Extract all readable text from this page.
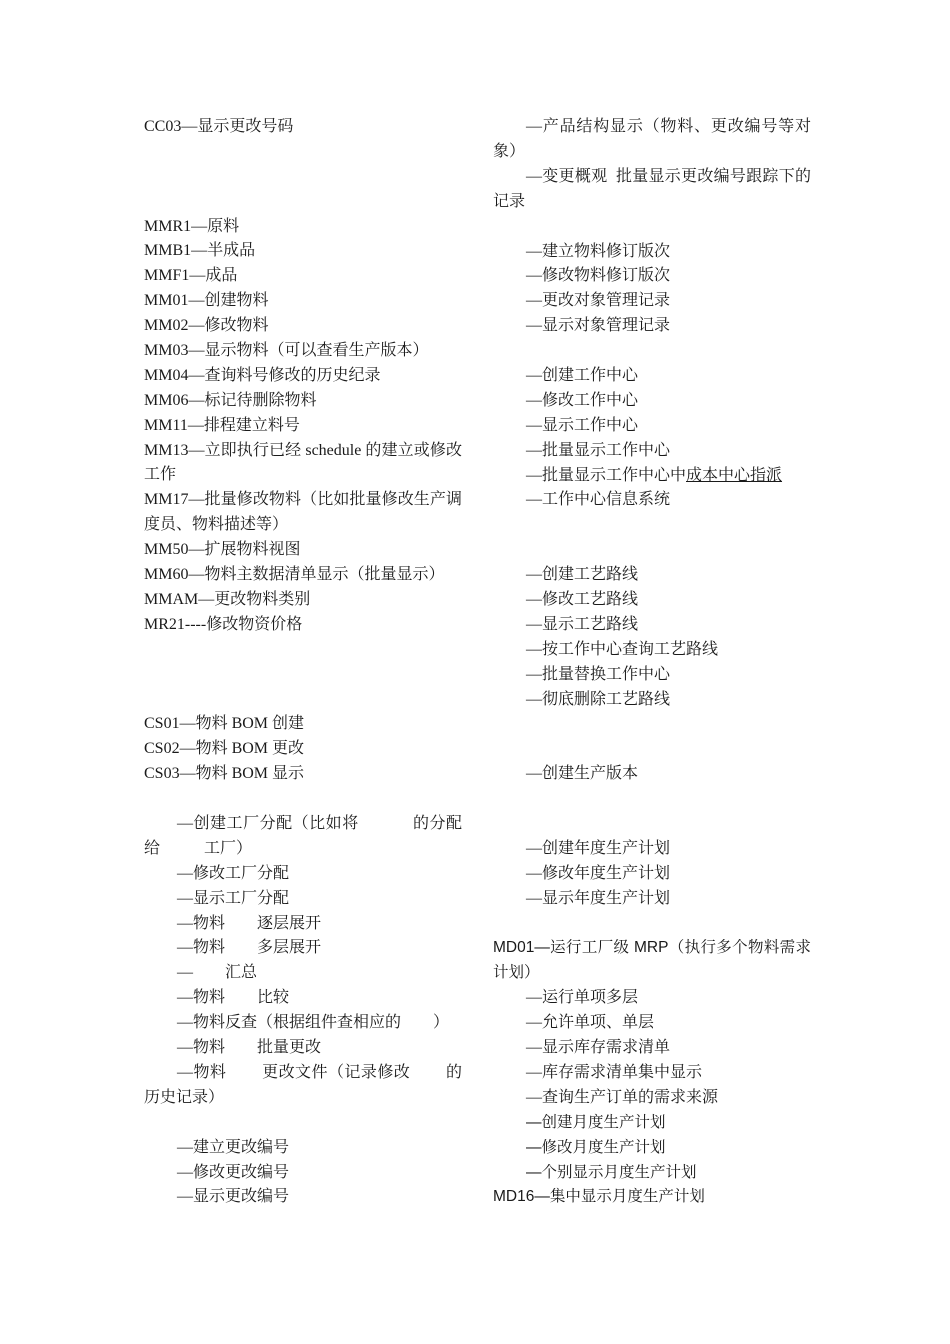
CC03—显示更改号码
MMR1—原料
MMB1—半成品
MMF1—成品
MM01—创建物料
MM02—修改物料
MM03—显示物料（可以查看生产版本）
MM04—查询料号修改的历史纪录
MM06—标记待删除物料
MM11—排程建立料号
MM13—立即执行已经 schedule 的建立或修改工作
MM17—批量修改物料（比如批量修改生产调度员、物料描述等）
MM50—扩展物料视图
MM60—物料主数据清单显示（批量显示）
MMAM—更改物料类别
MR21----修改物资价格
CS01—物料 BOM 创建
CS02—物料 BOM 更改
CS03—物料 BOM 显示
—创建工厂分配（比如将            的分配给           工厂）
—修改工厂分配
—显示工厂分配
—物料        逐层展开
—物料        多层展开
—        汇总
—物料        比较
—物料反查（根据组件查相应的        ）
—物料        批量更改
—物料        更改文件（记录修改        的历史记录）
—建立更改编号
—修改更改编号
—显示更改编号
—产品结构显示（物料、更改编号等对象）
—变更概观  批量显示更改编号跟踪下的记录
—建立物料修订版次
—修改物料修订版次
—更改对象管理记录
—显示对象管理记录
—创建工作中心
—修改工作中心
—显示工作中心
—批量显示工作中心
—批量显示工作中心中成本中心指派
—工作中心信息系统
—创建工艺路线
—修改工艺路线
—显示工艺路线
—按工作中心查询工艺路线
—批量替换工作中心
—彻底删除工艺路线
—创建生产版本
—创建年度生产计划
—修改年度生产计划
—显示年度生产计划
MD01—运行工厂级 MRP（执行多个物料需求计划）
—运行单项多层
—允许单项、单层
—显示库存需求清单
—库存需求清单集中显示
—查询生产订单的需求来源
—创建月度生产计划
—修改月度生产计划
—个别显示月度生产计划
MD16—集中显示月度生产计划
